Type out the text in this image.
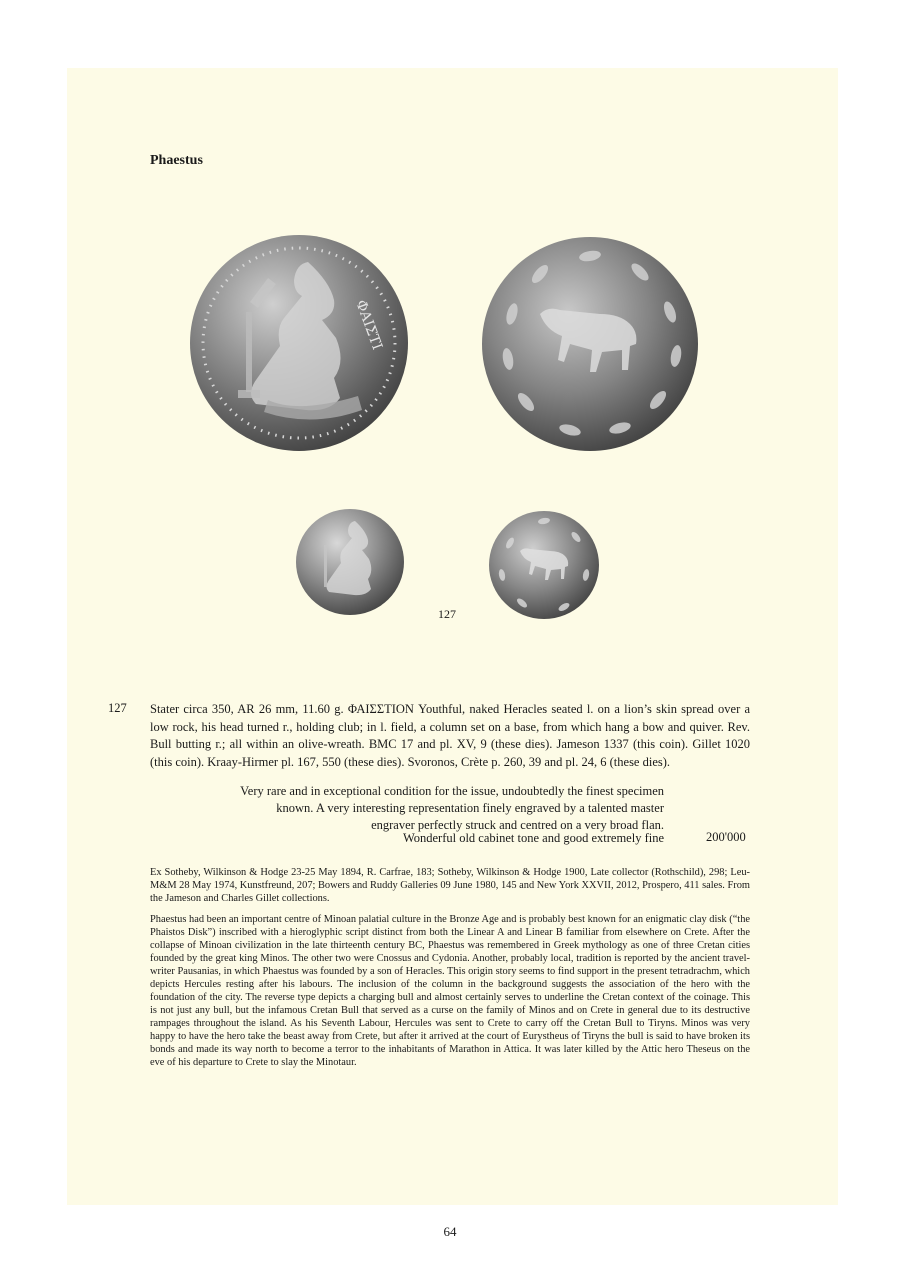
Phaestus
ΦΑΙΣΤΙ
127
127 Stater circa 350, AR 26 mm, 11.60 g. ΦΑΙΣΣΤΙΟΝ Youthful, naked Heracles seated l. on a lion’s skin spread over a low rock, his head turned r., holding club; in l. field, a column set on a base, from which hang a bow and quiver. Rev. Bull butting r.; all within an olive-wreath. BMC 17 and pl. XV, 9 (these dies). Jameson 1337 (this coin). Gillet 1020 (this coin). Kraay-Hirmer pl. 167, 550 (these dies). Svoronos, Crète p. 260, 39 and pl. 24, 6 (these dies).

Very rare and in exceptional condition for the issue, undoubtedly the finest specimen
known. A very interesting representation finely engraved by a talented master
engraver perfectly struck and centred on a very broad flan.
Wonderful old cabinet tone and good extremely fine	200'000

Ex Sotheby, Wilkinson & Hodge 23-25 May 1894, R. Carfrae, 183; Sotheby, Wilkinson & Hodge 1900, Late collector (Rothschild), 298; Leu-M&M 28 May 1974, Kunstfreund, 207; Bowers and Ruddy Galleries 09 June 1980, 145 and New York XXVII, 2012, Prospero, 411 sales. From the Jameson and Charles Gillet collections.

Phaestus had been an important centre of Minoan palatial culture in the Bronze Age and is probably best known for an enigmatic clay disk (“the Phaistos Disk”) inscribed with a hieroglyphic script distinct from both the Linear A and Linear B familiar from elsewhere on Crete. After the collapse of Minoan civilization in the late thirteenth century BC, Phaestus was remembered in Greek mythology as one of three Cretan cities founded by the great king Minos. The other two were Cnossus and Cydonia. Another, probably local, tradition is reported by the ancient travel-writer Pausanias, in which Phaestus was founded by a son of Heracles. This origin story seems to find support in the present tetradrachm, which depicts Hercules resting after his labours. The inclusion of the column in the background suggests the association of the hero with the foundation of the city. The reverse type depicts a charging bull and almost certainly serves to underline the Cretan context of the coinage. This is not just any bull, but the infamous Cretan Bull that served as a curse on the family of Minos and on Crete in general due to its destructive rampages throughout the island. As his Seventh Labour, Hercules was sent to Crete to carry off the Cretan Bull to Tiryns. Minos was very happy to have the hero take the beast away from Crete, but after it arrived at the court of Eurystheus of Tiryns the bull is said to have broken its bonds and made its way north to become a terror to the inhabitants of Marathon in Attica. It was later killed by the Attic hero Theseus on the eve of his departure to Crete to slay the Minotaur.

64
